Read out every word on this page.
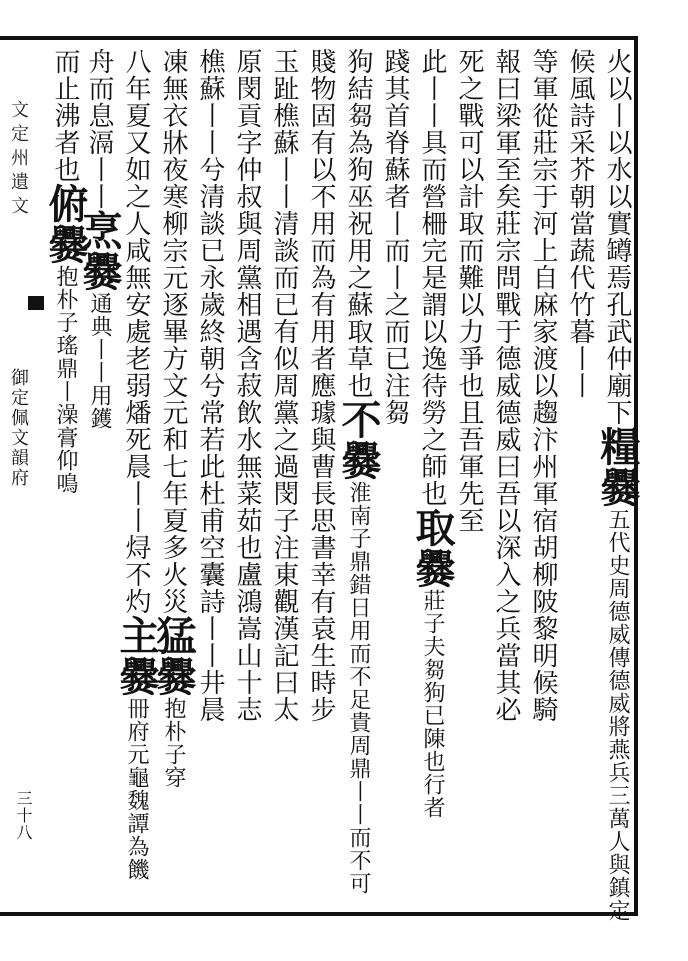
文定州遺文
御定佩文韻府
三十八
火以丨以水以實罇焉孔武仲廟下糧爨五代史周德威傳德威將燕兵三萬人與鎮定
候風詩采芥朝當蔬代竹暮丨丨
等軍從莊宗于河上自麻家渡以趨汴州軍宿胡柳陂黎明候騎
報曰梁軍至矣莊宗問戰于德威德威曰吾以深入之兵當其必
死之戰可以計取而難以力爭也且吾軍先至
此丨丨具而營柵完是謂以逸待勞之師也取爨莊子夫芻狗已陳也行者
踐其首脊蘇者丨而丨之而已注芻
狗結芻為狗巫祝用之蘇取草也不爨淮南子鼎錯日用而不足貴周鼎丨丨而不可
賤物固有以不用而為有用者應璩與曹長思書幸有袁生時步
玉趾樵蘇丨丨清談而已有似周黨之過閔子注東觀漢記曰太
原閔貢字仲叔與周黨相遇含菽飲水無菜茹也盧鴻嵩山十志
樵蘇丨丨兮清談已永歲終朝兮常若此杜甫空囊詩丨丨井晨
凍無衣牀夜寒柳宗元逐畢方文元和七年夏多火災猛爨抱朴子穿
八年夏又如之人咸無安處老弱燔死晨丨丨𬊈不灼主爨冊府元龜魏譚為饑
舟而息滆丨丨烹爨通典丨丨用鑊
而止沸者也俯爨抱朴子瑤鼎丨澡膏仰鳴
